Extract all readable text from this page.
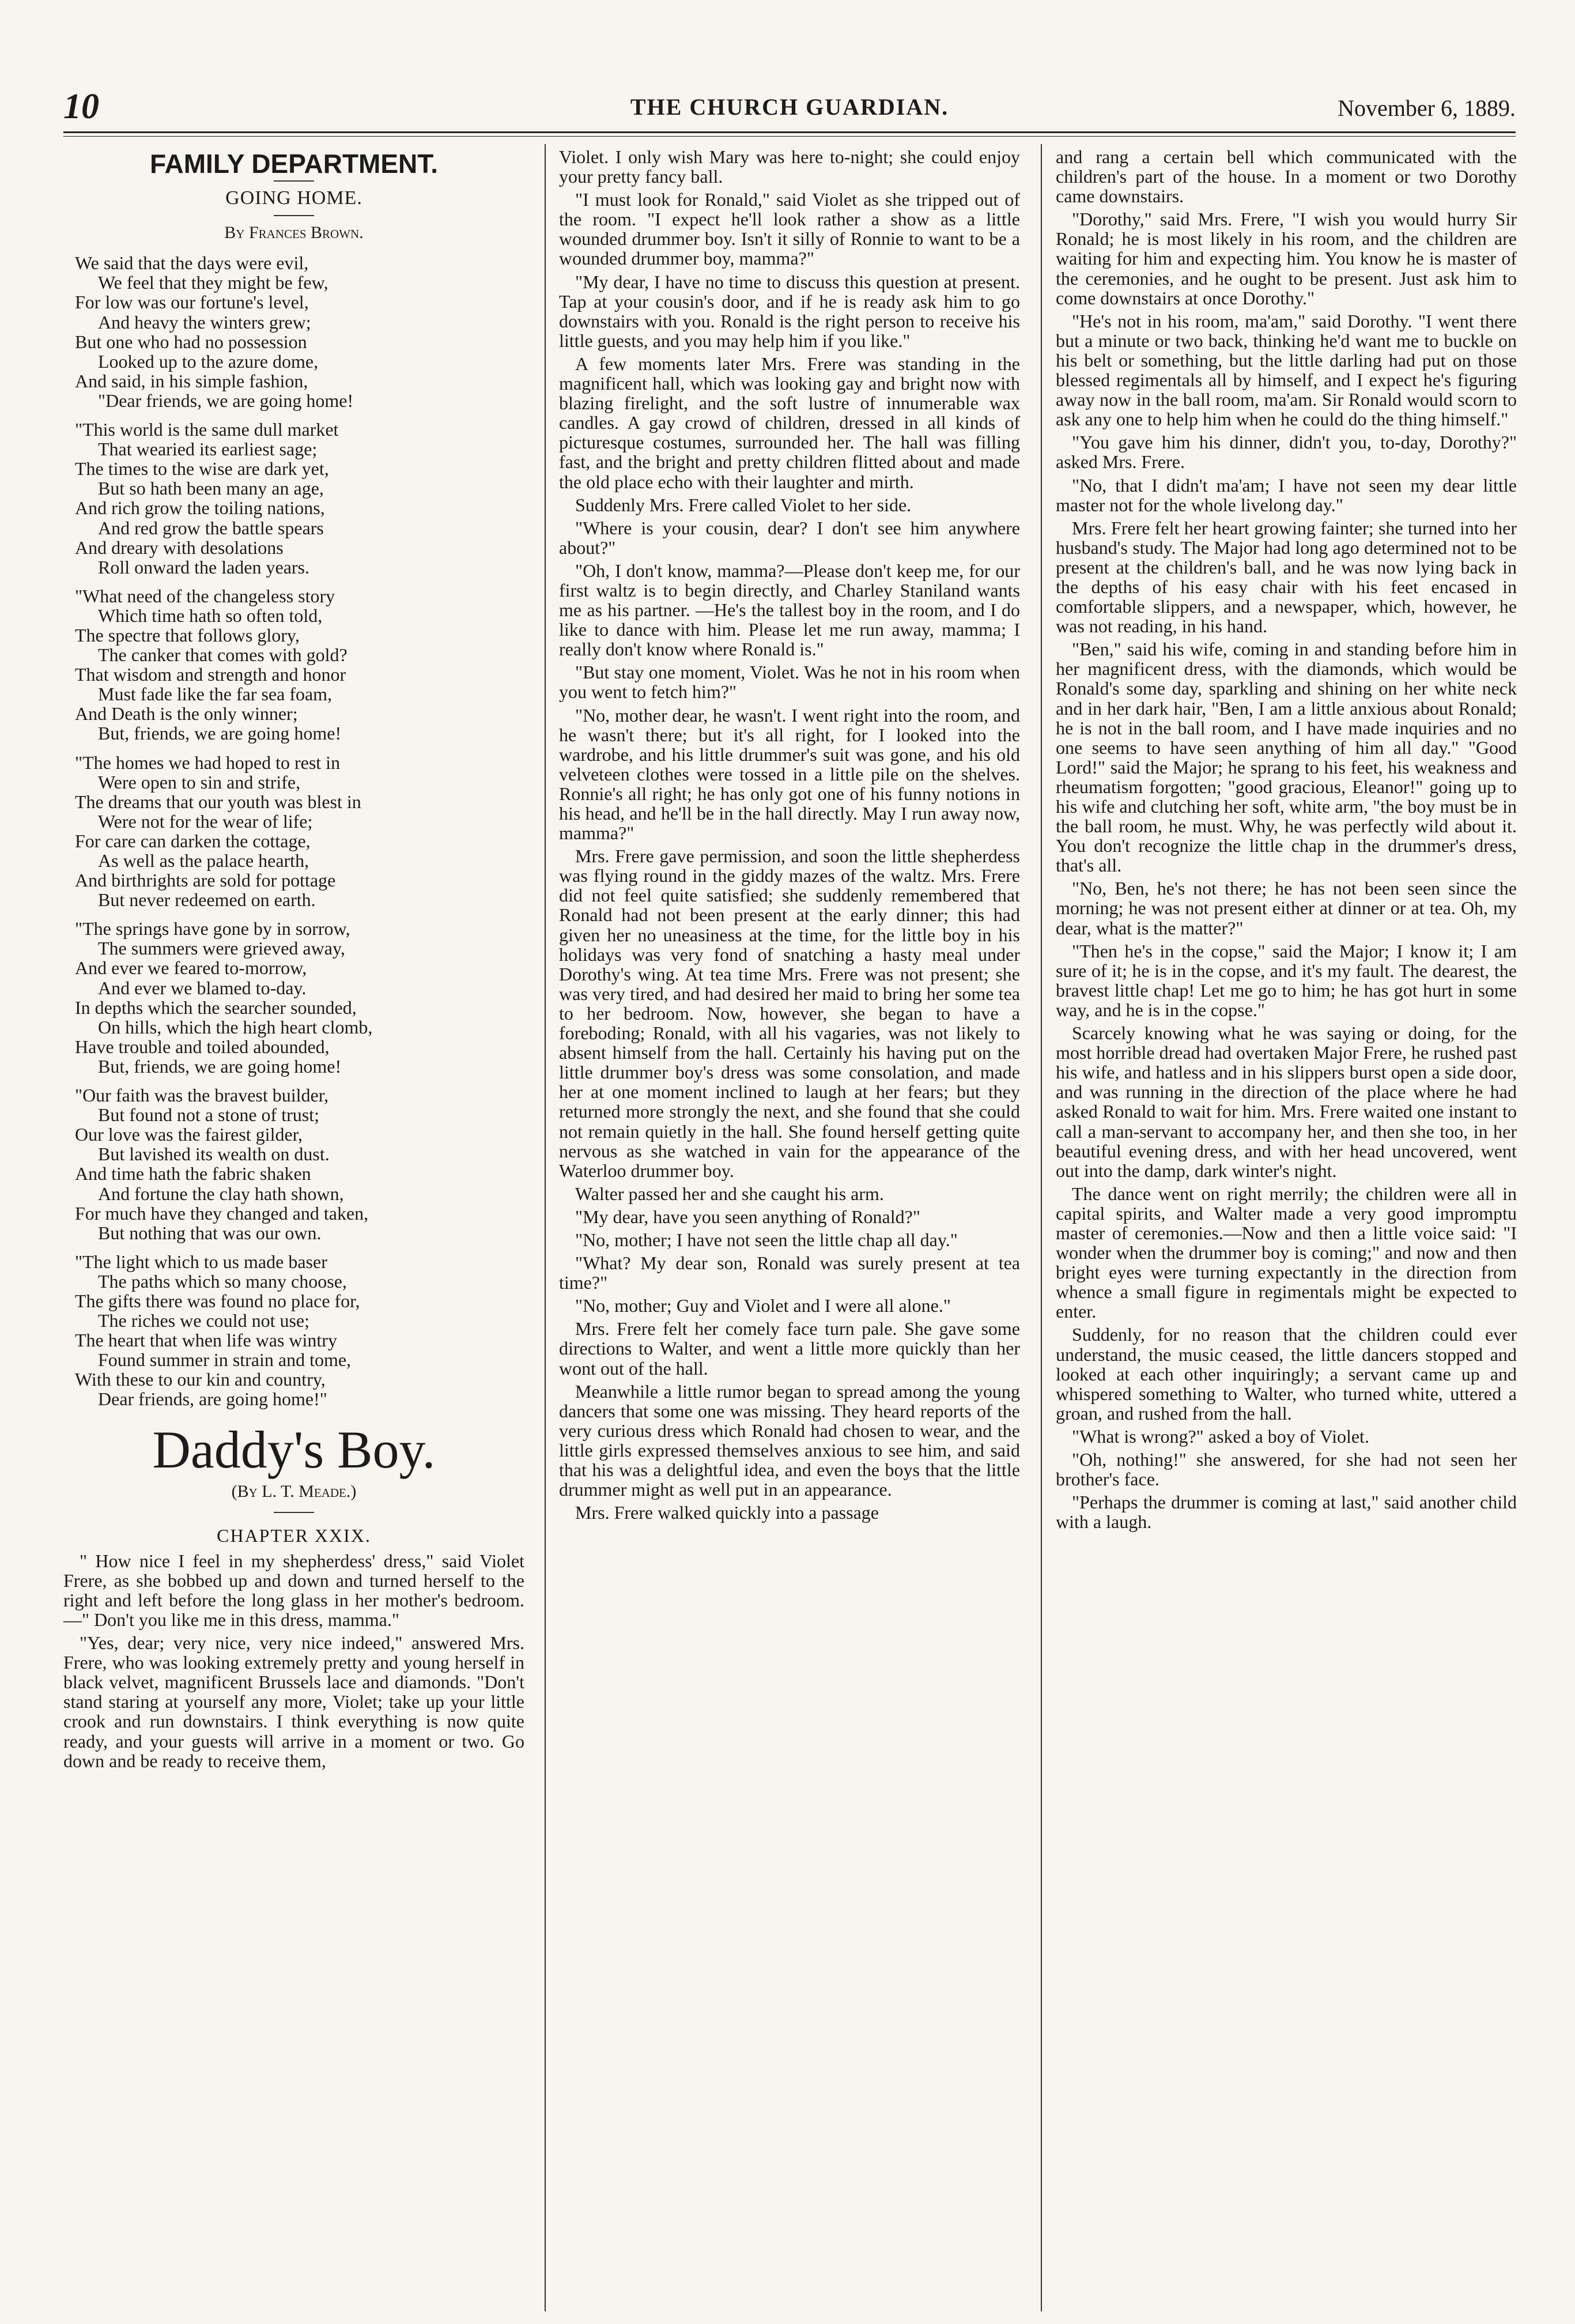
10	THE CHURCH GUARDIAN.	November 6, 1889.
FAMILY DEPARTMENT.
GOING HOME.
By Frances Brown.
We said that the days were evil,
We feel that they might be few,
For low was our fortune's level,
And heavy the winters grew;
But one who had no possession
Looked up to the azure dome,
And said, in his simple fashion,
"Dear friends, we are going home!
"This world is the same dull market
That wearied its earliest sage;
The times to the wise are dark yet,
But so hath been many an age,
And rich grow the toiling nations,
And red grow the battle spears
And dreary with desolations
Roll onward the laden years.
"What need of the changeless story
Which time hath so often told,
The spectre that follows glory,
The canker that comes with gold?
That wisdom and strength and honor
Must fade like the far sea foam,
And Death is the only winner;
But, friends, we are going home!
"The homes we had hoped to rest in
Were open to sin and strife,
The dreams that our youth was blest in
Were not for the wear of life;
For care can darken the cottage,
As well as the palace hearth,
And birthrights are sold for pottage
But never redeemed on earth.
"The springs have gone by in sorrow,
The summers were grieved away,
And ever we feared to-morrow,
And ever we blamed to-day.
In depths which the searcher sounded,
On hills, which the high heart clomb,
Have trouble and toiled abounded,
But, friends, we are going home!
"Our faith was the bravest builder,
But found not a stone of trust;
Our love was the fairest gilder,
But lavished its wealth on dust.
And time hath the fabric shaken
And fortune the clay hath shown,
For much have they changed and taken,
But nothing that was our own.
"The light which to us made baser
The paths which so many choose,
The gifts there was found no place for,
The riches we could not use;
The heart that when life was wintry
Found summer in strain and tome,
With these to our kin and country,
Dear friends, are going home!"
Daddy's Boy.
(By L. T. Meade.)
CHAPTER XXIX.

" How nice I feel in my shepherdess' dress," said Violet Frere, as she bobbed up and down and turned herself to the right and left before the long glass in her mother's bedroom.—" Don't you like me in this dress, mamma."

"Yes, dear; very nice, very nice indeed," answered Mrs. Frere, who was looking extremely pretty and young herself in black velvet, magnificent Brussels lace and diamonds. "Don't stand staring at yourself any more, Violet; take up your little crook and run downstairs. I think everything is now quite ready, and your guests will arrive in a moment or two. Go down and be ready to receive them,

Violet. I only wish Mary was here to-night; she could enjoy your pretty fancy ball.

"I must look for Ronald," said Violet as she tripped out of the room. "I expect he'll look rather a show as a little wounded drummer boy. Isn't it silly of Ronnie to want to be a wounded drummer boy, mamma?"

"My dear, I have no time to discuss this question at present. Tap at your cousin's door, and if he is ready ask him to go downstairs with you. Ronald is the right person to receive his little guests, and you may help him if you like."

A few moments later Mrs. Frere was standing in the magnificent hall, which was looking gay and bright now with blazing firelight, and the soft lustre of innumerable wax candles. A gay crowd of children, dressed in all kinds of picturesque costumes, surrounded her. The hall was filling fast, and the bright and pretty children flitted about and made the old place echo with their laughter and mirth.

Suddenly Mrs. Frere called Violet to her side.

"Where is your cousin, dear? I don't see him anywhere about?"

"Oh, I don't know, mamma?—Please don't keep me, for our first waltz is to begin directly, and Charley Staniland wants me as his partner. —He's the tallest boy in the room, and I do like to dance with him. Please let me run away, mamma; I really don't know where Ronald is."

"But stay one moment, Violet. Was he not in his room when you went to fetch him?"

"No, mother dear, he wasn't. I went right into the room, and he wasn't there; but it's all right, for I looked into the wardrobe, and his little drummer's suit was gone, and his old velveteen clothes were tossed in a little pile on the shelves. Ronnie's all right; he has only got one of his funny notions in his head, and he'll be in the hall directly. May I run away now, mamma?"

Mrs. Frere gave permission, and soon the little shepherdess was flying round in the giddy mazes of the waltz. Mrs. Frere did not feel quite satisfied; she suddenly remembered that Ronald had not been present at the early dinner; this had given her no uneasiness at the time, for the little boy in his holidays was very fond of snatching a hasty meal under Dorothy's wing. At tea time Mrs. Frere was not present; she was very tired, and had desired her maid to bring her some tea to her bedroom. Now, however, she began to have a foreboding; Ronald, with all his vagaries, was not likely to absent himself from the hall. Certainly his having put on the little drummer boy's dress was some consolation, and made her at one moment inclined to laugh at her fears; but they returned more strongly the next, and she found that she could not remain quietly in the hall. She found herself getting quite nervous as she watched in vain for the appearance of the Waterloo drummer boy.

Walter passed her and she caught his arm.

"My dear, have you seen anything of Ronald?"

"No, mother; I have not seen the little chap all day."

"What? My dear son, Ronald was surely present at tea time?"

"No, mother; Guy and Violet and I were all alone."

Mrs. Frere felt her comely face turn pale. She gave some directions to Walter, and went a little more quickly than her wont out of the hall.

Meanwhile a little rumor began to spread among the young dancers that some one was missing. They heard reports of the very curious dress which Ronald had chosen to wear, and the little girls expressed themselves anxious to see him, and said that his was a delightful idea, and even the boys that the little drummer might as well put in an appearance.

Mrs. Frere walked quickly into a passage

and rang a certain bell which communicated with the children's part of the house. In a moment or two Dorothy came downstairs.

"Dorothy," said Mrs. Frere, "I wish you would hurry Sir Ronald; he is most likely in his room, and the children are waiting for him and expecting him. You know he is master of the ceremonies, and he ought to be present. Just ask him to come downstairs at once Dorothy."

"He's not in his room, ma'am," said Dorothy. "I went there but a minute or two back, thinking he'd want me to buckle on his belt or something, but the little darling had put on those blessed regimentals all by himself, and I expect he's figuring away now in the ball room, ma'am. Sir Ronald would scorn to ask any one to help him when he could do the thing himself."

"You gave him his dinner, didn't you, to-day, Dorothy?" asked Mrs. Frere.

"No, that I didn't ma'am; I have not seen my dear little master not for the whole livelong day."

Mrs. Frere felt her heart growing fainter; she turned into her husband's study. The Major had long ago determined not to be present at the children's ball, and he was now lying back in the depths of his easy chair with his feet encased in comfortable slippers, and a newspaper, which, however, he was not reading, in his hand.

"Ben," said his wife, coming in and standing before him in her magnificent dress, with the diamonds, which would be Ronald's some day, sparkling and shining on her white neck and in her dark hair, "Ben, I am a little anxious about Ronald; he is not in the ball room, and I have made inquiries and no one seems to have seen anything of him all day." "Good Lord!" said the Major; he sprang to his feet, his weakness and rheumatism forgotten; "good gracious, Eleanor!" going up to his wife and clutching her soft, white arm, "the boy must be in the ball room, he must. Why, he was perfectly wild about it. You don't recognize the little chap in the drummer's dress, that's all.

"No, Ben, he's not there; he has not been seen since the morning; he was not present either at dinner or at tea. Oh, my dear, what is the matter?"

"Then he's in the copse," said the Major; I know it; I am sure of it; he is in the copse, and it's my fault. The dearest, the bravest little chap! Let me go to him; he has got hurt in some way, and he is in the copse."

Scarcely knowing what he was saying or doing, for the most horrible dread had overtaken Major Frere, he rushed past his wife, and hatless and in his slippers burst open a side door, and was running in the direction of the place where he had asked Ronald to wait for him. Mrs. Frere waited one instant to call a man-servant to accompany her, and then she too, in her beautiful evening dress, and with her head uncovered, went out into the damp, dark winter's night.

The dance went on right merrily; the children were all in capital spirits, and Walter made a very good impromptu master of ceremonies.—Now and then a little voice said: "I wonder when the drummer boy is coming;" and now and then bright eyes were turning expectantly in the direction from whence a small figure in regimentals might be expected to enter.

Suddenly, for no reason that the children could ever understand, the music ceased, the little dancers stopped and looked at each other inquiringly; a servant came up and whispered something to Walter, who turned white, uttered a groan, and rushed from the hall.

"What is wrong?" asked a boy of Violet.

"Oh, nothing!" she answered, for she had not seen her brother's face.

"Perhaps the drummer is coming at last," said another child with a laugh.
